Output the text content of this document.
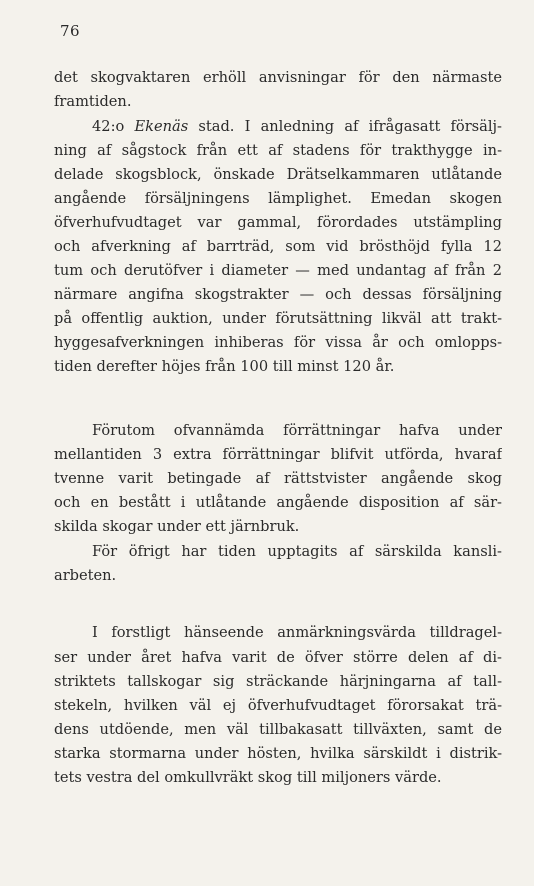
76
det skogvaktaren erhöll anvisningar för den närmaste
framtiden.
42:o Ekenäs stad. I anledning af ifrågasatt försälj-
ning af sågstock från ett af stadens för trakthygge in-
delade skogsblock, önskade Drätselkammaren utlåtande
angående försäljningens lämplighet. Emedan skogen
öfverhufvudtaget var gammal, förordades utstämpling
och afverkning af barrträd, som vid brösthöjd fylla 12
tum och derutöfver i diameter — med undantag af från 2
närmare angifna skogstrakter — och dessas försäljning
på offentlig auktion, under förutsättning likväl att trakt-
hyggesafverkningen inhiberas för vissa år och omlopps-
tiden derefter höjes från 100 till minst 120 år.
Förutom ofvannämda förrättningar hafva under
mellantiden 3 extra förrättningar blifvit utförda, hvaraf
tvenne varit betingade af rättstvister angående skog
och en bestått i utlåtande angående disposition af sär-
skilda skogar under ett järnbruk.
För öfrigt har tiden upptagits af särskilda kansli-
arbeten.
I forstligt hänseende anmärkningsvärda tilldragel-
ser under året hafva varit de öfver större delen af di-
striktets tallskogar sig sträckande härjningarna af tall-
stekeln, hvilken väl ej öfverhufvudtaget förorsakat trä-
dens utdöende, men väl tillbakasatt tillväxten, samt de
starka stormarna under hösten, hvilka särskildt i distrik-
tets vestra del omkullvräkt skog till miljoners värde.
